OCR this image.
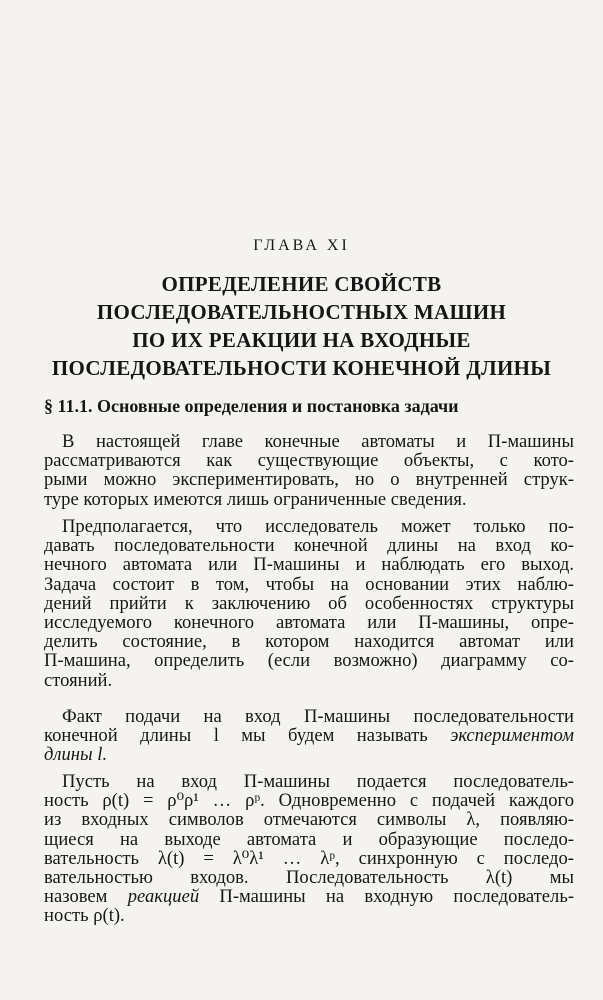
ГЛАВА XI
ОПРЕДЕЛЕНИЕ СВОЙСТВ
ПОСЛЕДОВАТЕЛЬНОСТНЫХ МАШИН
ПО ИХ РЕАКЦИИ НА ВХОДНЫЕ
ПОСЛЕДОВАТЕЛЬНОСТИ КОНЕЧНОЙ ДЛИНЫ
§ 11.1. Основные определения и постановка задачи
В настоящей главе конечные автоматы и П-машины
рассматриваются как существующие объекты, с кото-
рыми можно экспериментировать, но о внутренней струк-
туре которых имеются лишь ограниченные сведения.
Предполагается, что исследователь может только по-
давать последовательности конечной длины на вход ко-
нечного автомата или П-машины и наблюдать его выход.
Задача состоит в том, чтобы на основании этих наблю-
дений прийти к заключению об особенностях структуры
исследуемого конечного автомата или П-машины, опре-
делить состояние, в котором находится автомат или
П-машина, определить (если возможно) диаграмму со-
стояний.
Факт подачи на вход П-машины последовательности
конечной длины l мы будем называть экспериментом
длины l.
Пусть на вход П-машины подается последователь-
ность ρ(t) = ρ⁰ρ¹ … ρᵖ. Одновременно с подачей каждого
из входных символов отмечаются символы λ, появляю-
щиеся на выходе автомата и образующие последо-
вательность λ(t) = λ⁰λ¹ … λᵖ, синхронную с последо-
вательностью входов. Последовательность λ(t) мы
назовем реакцией П-машины на входную последователь-
ность ρ(t).
